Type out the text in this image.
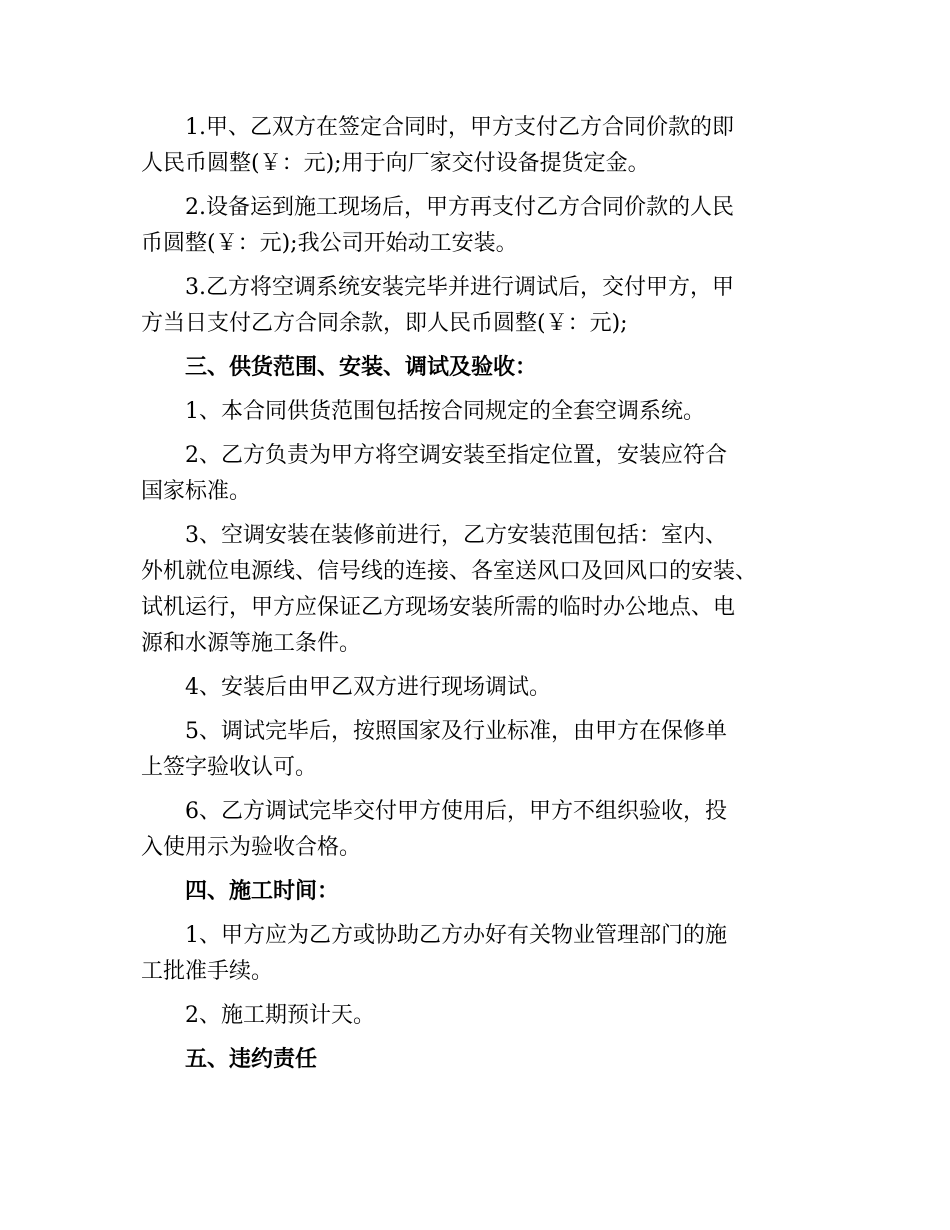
1.甲、乙双方在签定合同时，甲方支付乙方合同价款的即
人民币圆整(￥：元);用于向厂家交付设备提货定金。
2.设备运到施工现场后，甲方再支付乙方合同价款的人民
币圆整(￥：元);我公司开始动工安装。
3.乙方将空调系统安装完毕并进行调试后，交付甲方，甲
方当日支付乙方合同余款，即人民币圆整(￥：元);
三、供货范围、安装、调试及验收：
1、本合同供货范围包括按合同规定的全套空调系统。
2、乙方负责为甲方将空调安装至指定位置，安装应符合
国家标准。
3、空调安装在装修前进行，乙方安装范围包括：室内、
外机就位电源线、信号线的连接、各室送风口及回风口的安装、
试机运行，甲方应保证乙方现场安装所需的临时办公地点、电
源和水源等施工条件。
4、安装后由甲乙双方进行现场调试。
5、调试完毕后，按照国家及行业标准，由甲方在保修单
上签字验收认可。
6、乙方调试完毕交付甲方使用后，甲方不组织验收，投
入使用示为验收合格。
四、施工时间：
1、甲方应为乙方或协助乙方办好有关物业管理部门的施
工批准手续。
2、施工期预计天。
五、违约责任
